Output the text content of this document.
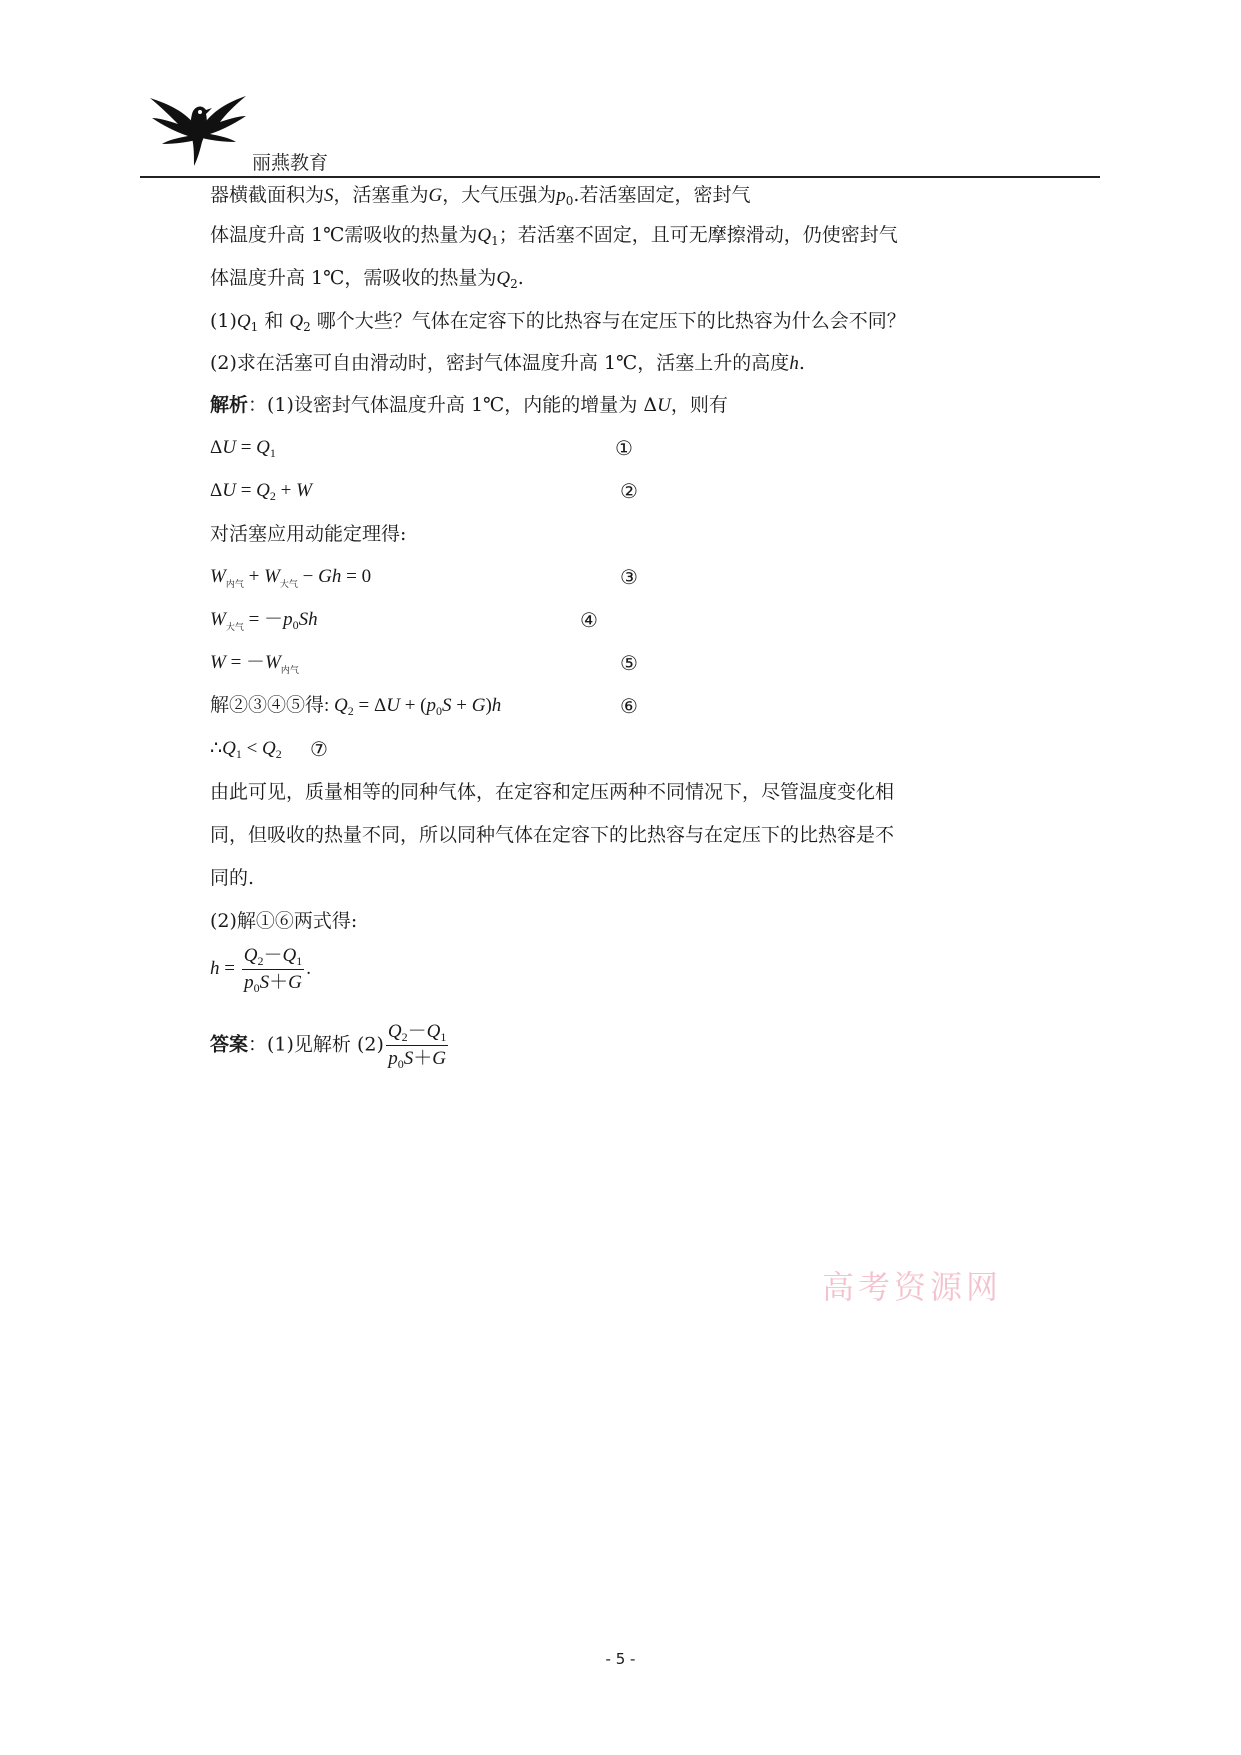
丽燕教育
器横截面积为S，活塞重为G，大气压强为$p_0$.若活塞固定，密封气
体温度升高 1℃需吸收的热量为$Q_1$；若活塞不固定，且可无摩擦滑动，仍使密封气
体温度升高 1℃，需吸收的热量为$Q_2$.
$(1)Q_1$ 和 $Q_2$ 哪个大些？气体在定容下的比热容与在定压下的比热容为什么会不同？
(2)求在活塞可自由滑动时，密封气体温度升高 1℃，活塞上升的高度h.
解析：(1)设密封气体温度升高 1℃，内能的增量为 ΔU，则有
$\Delta U = Q_1$	①
$\Delta U = Q_2 + W$	②
对活塞应用动能定理得:
$W_{内气} + W_{大气} - Gh = 0$	③
$W_{大气} = -p_0Sh$	④
$W = -W_{内气}$	⑤
解②③④⑤得: $Q_2 = \Delta U + (p_0S + G)h$	⑥
$\therefore Q_1 < Q_2$ ⑦
由此可见，质量相等的同种气体，在定容和定压两种不同情况下，尽管温度变化相
同，但吸收的热量不同，所以同种气体在定容下的比热容与在定压下的比热容是不
同的.
(2)解①⑥两式得:
$h = \frac{Q_2-Q_1}{p_0S+G}$ .
答案：(1)见解析 $(2) \frac{Q_2-Q_1}{p_0S+G}$
高考资源网
- 5 -
